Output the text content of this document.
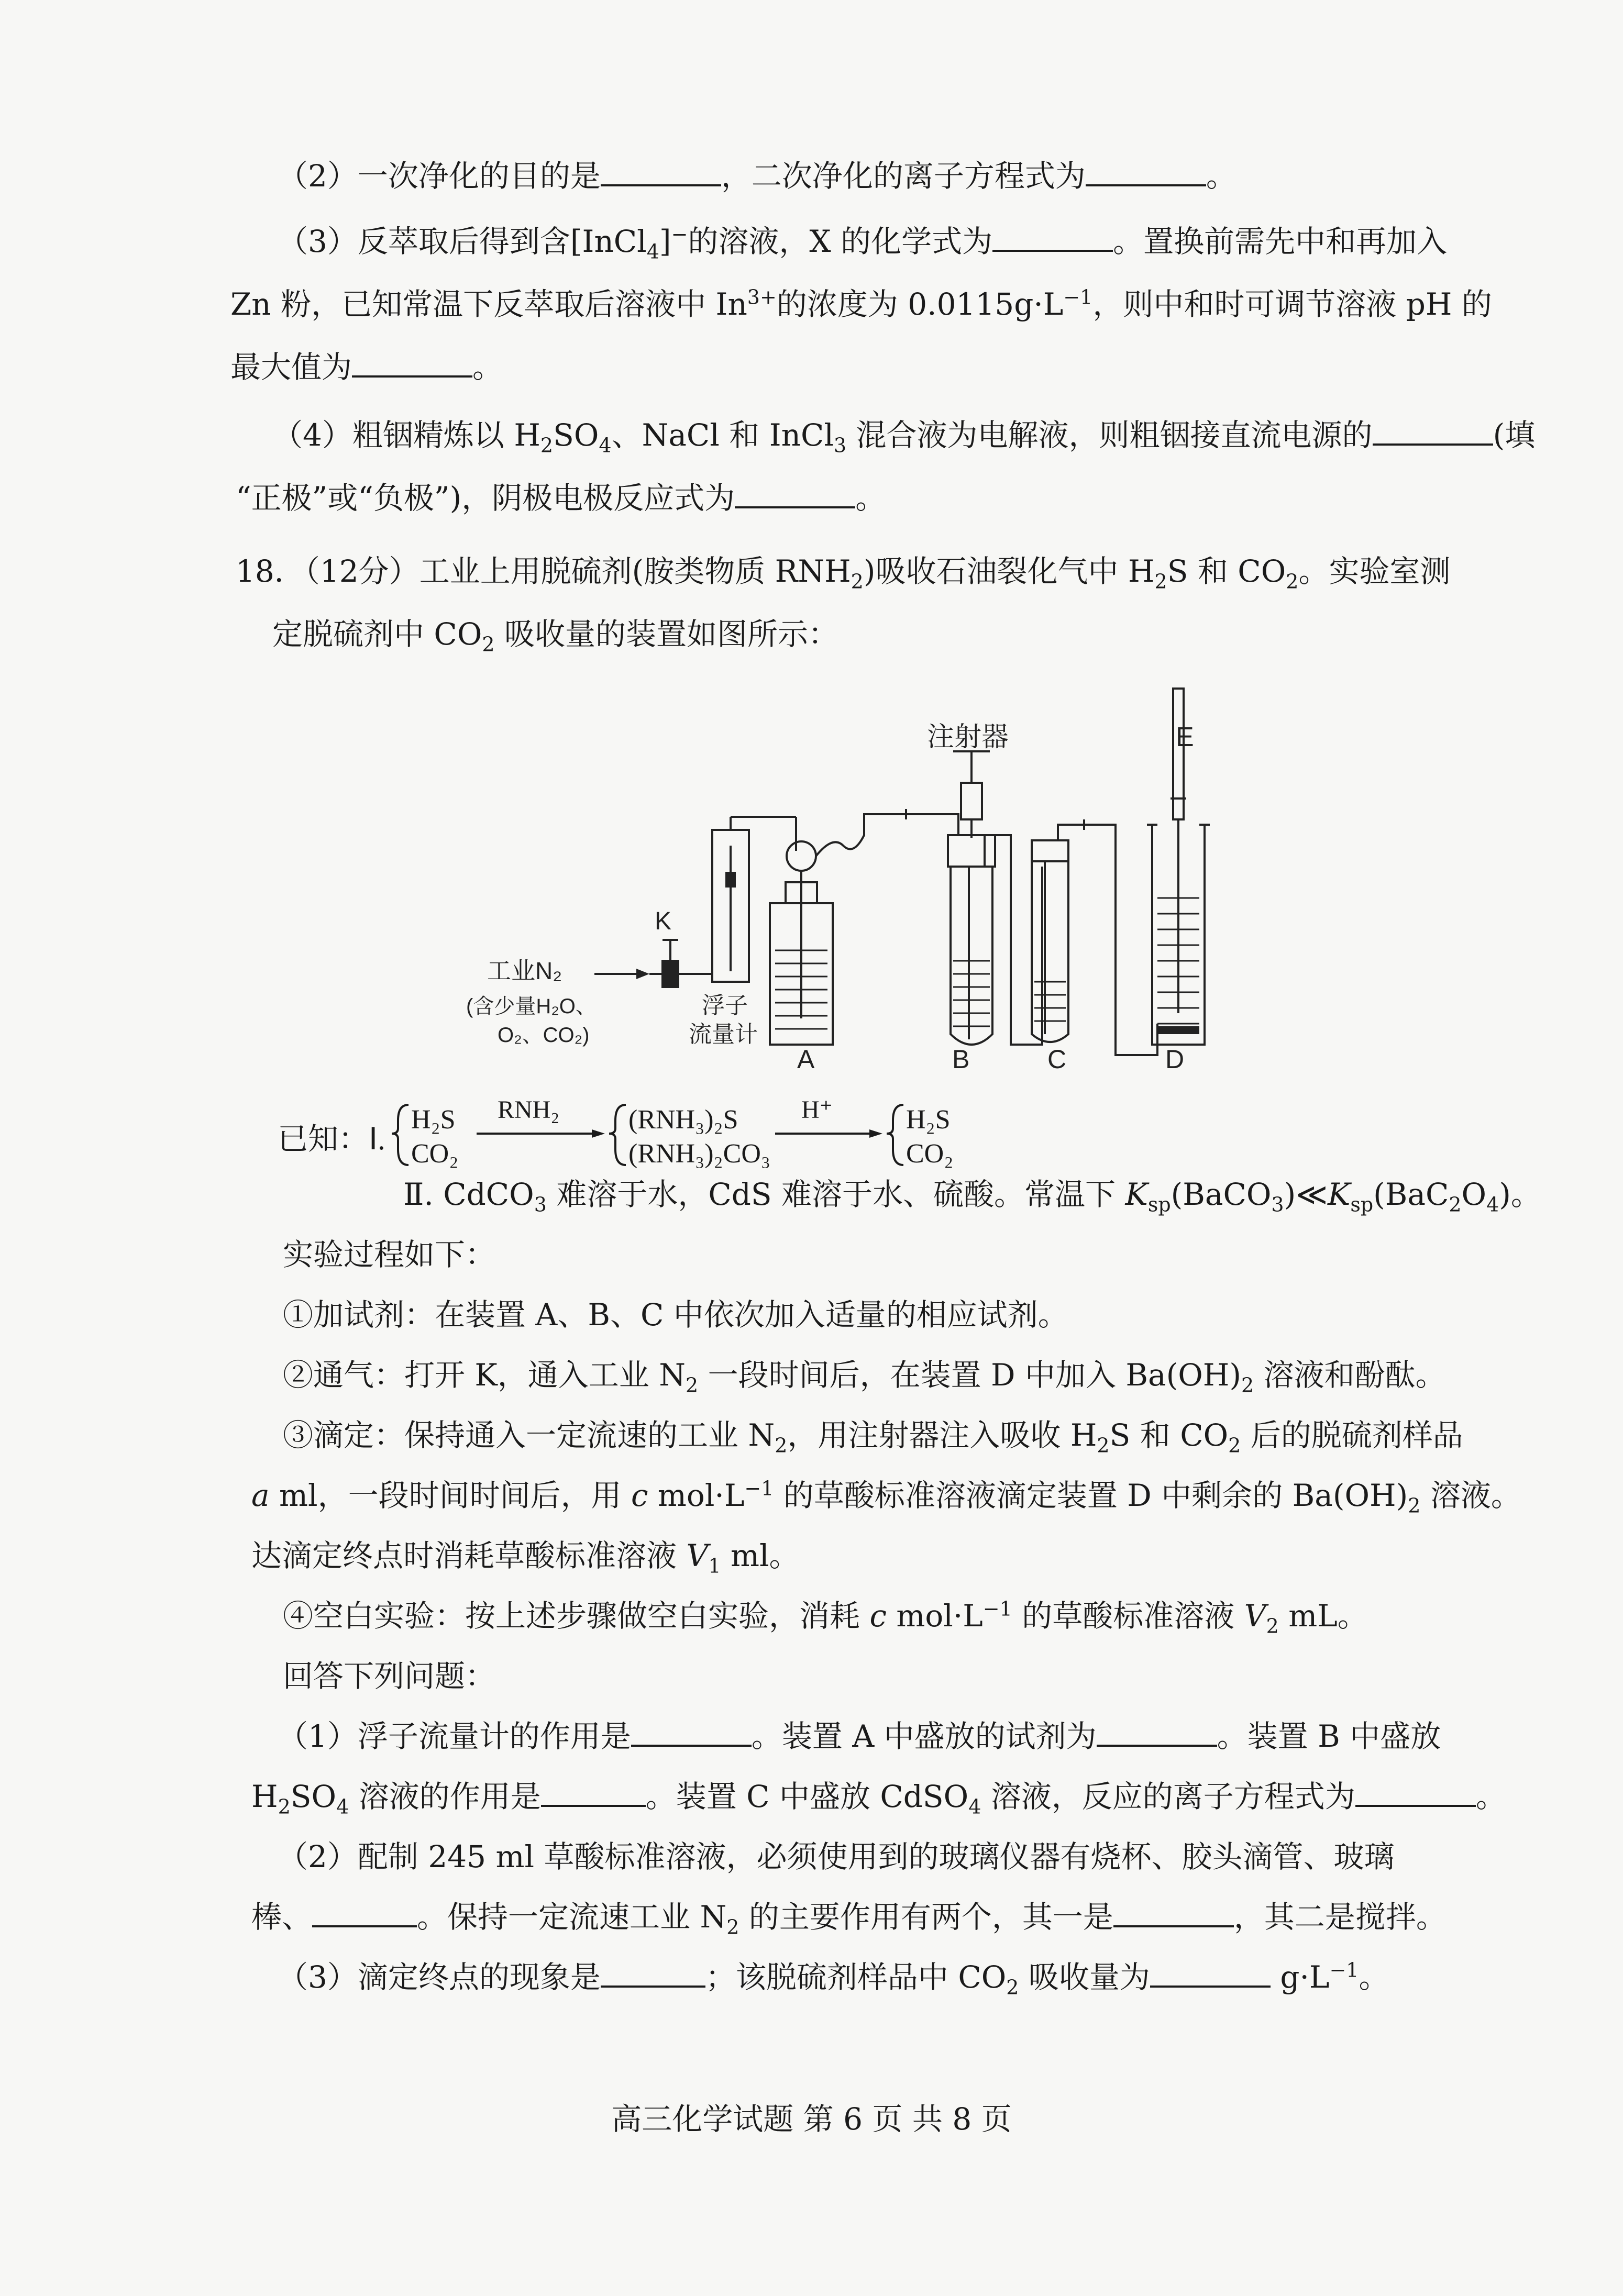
（2）一次净化的目的是	，二次净化的离子方程式为	。
（3）反萃取后得到含[InCl$_4$]−的溶液，X 的化学式为	。置换前需先中和再加入
Zn 粉，已知常温下反萃取后溶液中 $In^{3+}$的浓度为 $0.0115g\cdot L^{-1}$，则中和时可调节溶液 pH 的
最大值为	。
（4）粗铟精炼以 $H_2SO_4$、NaCl 和 InCl$_3$ 混合液为电解液，则粗铟接直流电源的	(填
“正极”或“负极”)，阴极电极反应式为	。
18．（12分）工业上用脱硫剂(胺类物质 $RNH_2$)吸收石油裂化气中 $H_2S$ 和 $CO_2$。实验室测
定脱硫剂中 $CO_2$ 吸收量的装置如图所示：
注射器	E
K
工业N₂
(含少量H₂O、
O₂、CO₂)
浮子
流量计
A	B	C	D
已知：Ⅰ.
H₂S
CO₂
RNH₂	(RNH₃)₂S
(RNH₃)₂CO₃
H⁺	H₂S
CO₂
Ⅱ. CdCO$_3$ 难溶于水，CdS 难溶于水、硫酸。常温下 $K_{sp}(BaCO_3)≪K_{sp}(BaC_2O_4)$。
实验过程如下：
①加试剂：在装置 A、B、C 中依次加入适量的相应试剂。
②通气：打开 K，通入工业 $N_2$ 一段时间后，在装置 D 中加入 $Ba(OH)_2$ 溶液和酚酞。
③滴定：保持通入一定流速的工业 $N_2$，用注射器注入吸收 $H_2S$ 和 $CO_2$ 后的脱硫剂样品
a ml，一段时间时间后，用 c $mol\cdot L^{-1}$ 的草酸标准溶液滴定装置 D 中剩余的 $Ba(OH)_2$ 溶液。
达滴定终点时消耗草酸标准溶液 $V_1$ ml。
④空白实验：按上述步骤做空白实验，消耗 c $mol\cdot L^{-1}$ 的草酸标准溶液 $V_2$ mL。
回答下列问题：
（1）浮子流量计的作用是	。装置 A 中盛放的试剂为	。装置 B 中盛放
$H_2SO_4$ 溶液的作用是	。装置 C 中盛放 CdSO$_4$ 溶液，反应的离子方程式为	。
（2）配制 245 ml 草酸标准溶液，必须使用到的玻璃仪器有烧杯、胶头滴管、玻璃
棒、	。保持一定流速工业 $N_2$ 的主要作用有两个，其一是	，其二是搅拌。
（3）滴定终点的现象是	；该脱硫剂样品中 $CO_2$ 吸收量为	$g\cdot L^{-1}$。
高三化学试题 第 6 页 共 8 页
